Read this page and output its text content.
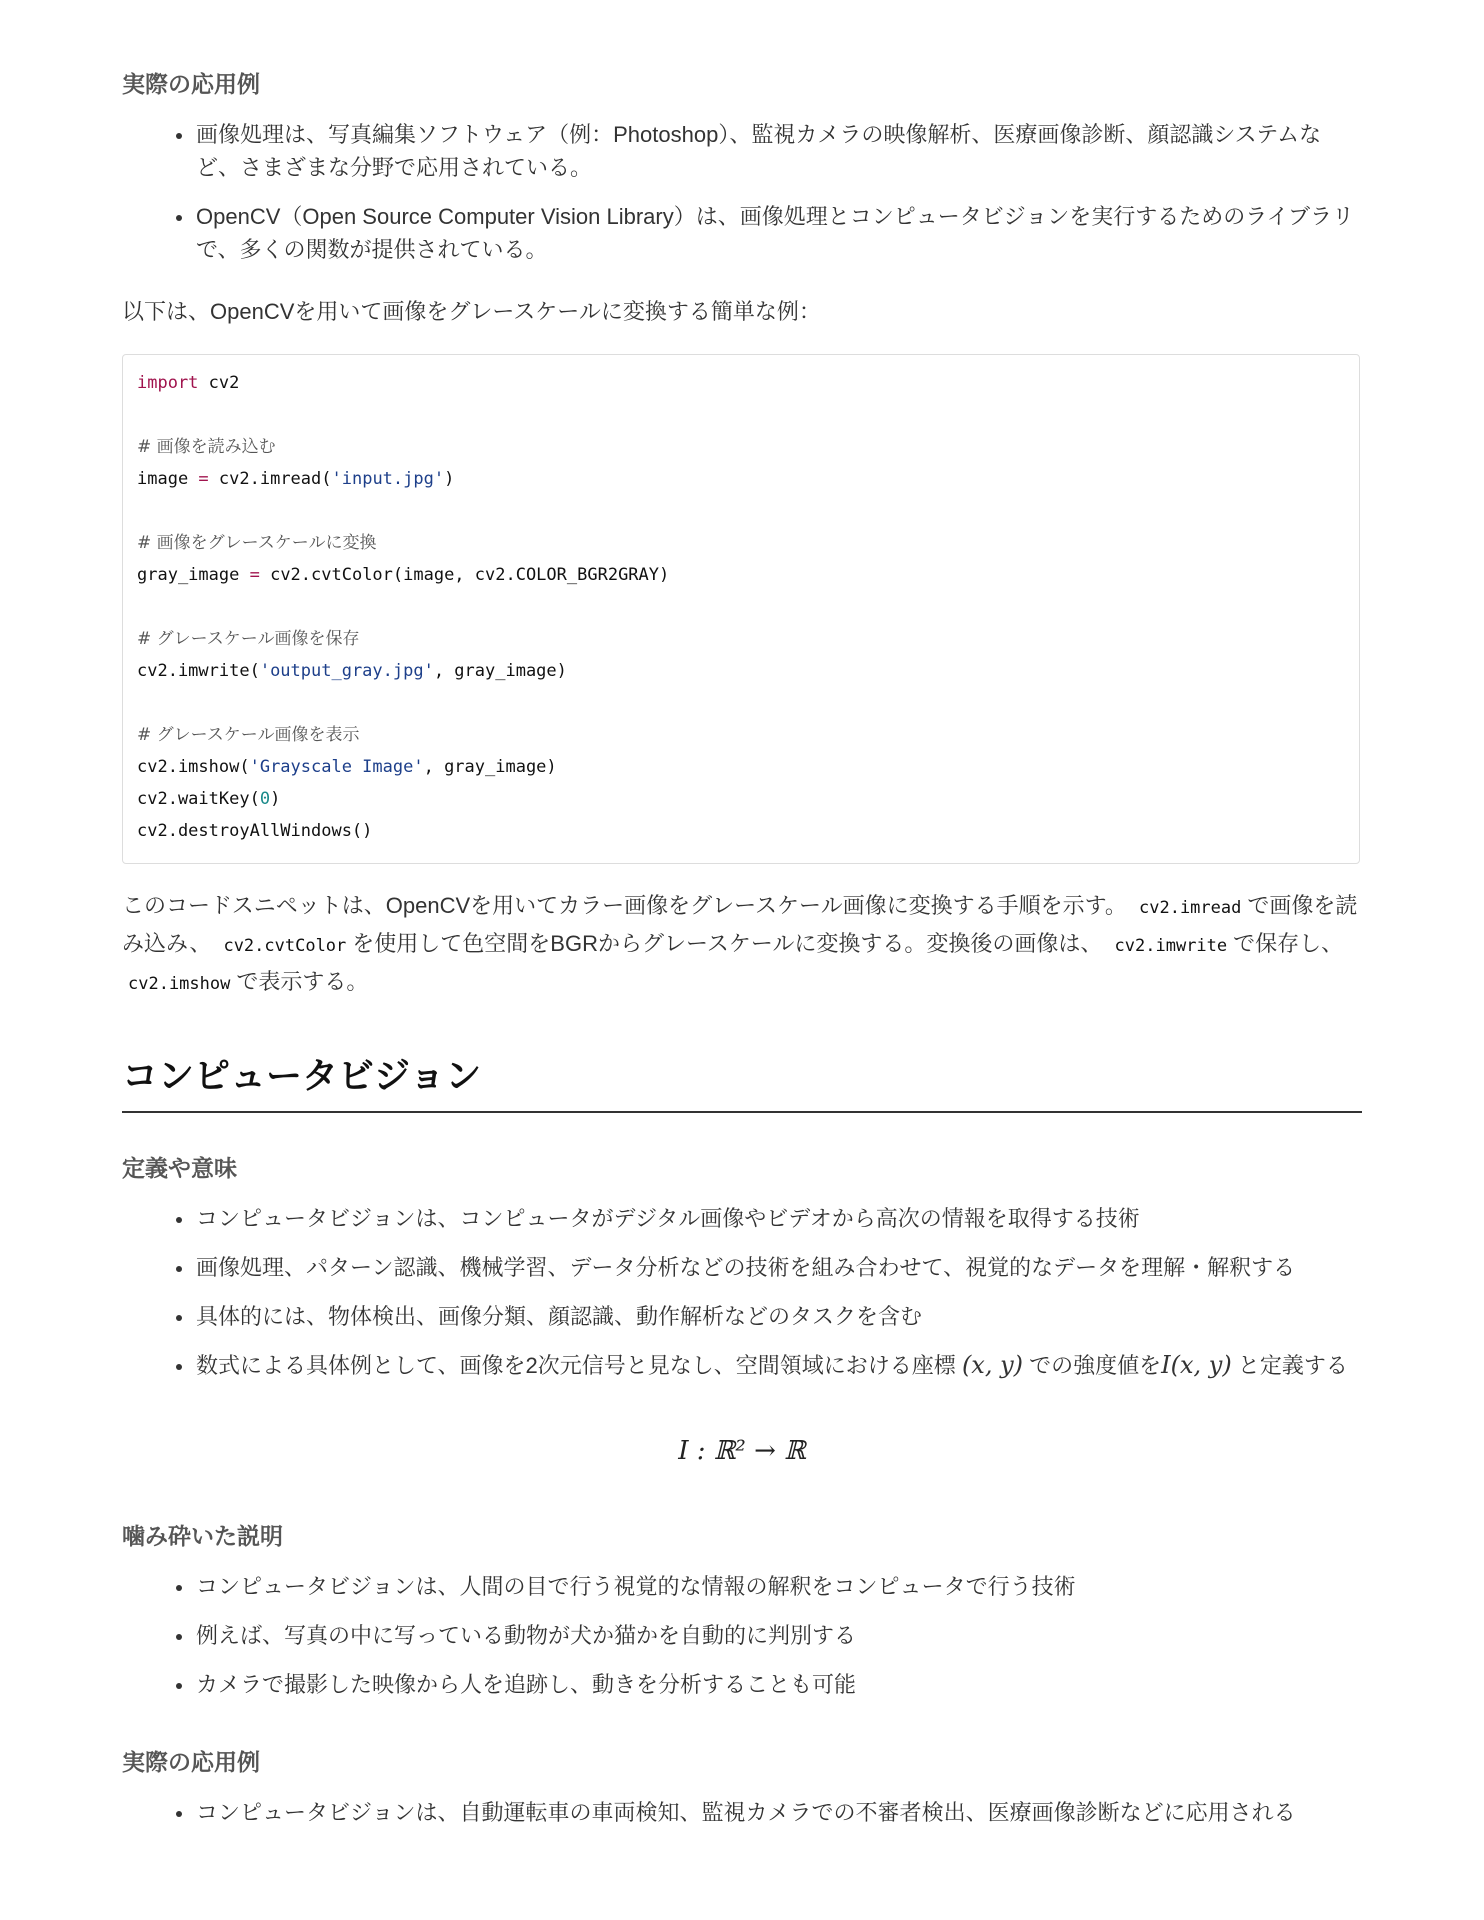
実際の応用例
画像処理は、写真編集ソフトウェア（例：Photoshop）、監視カメラの映像解析、医療画像診断、顔認識システムなど、さまざまな分野で応用されている。
OpenCV（Open Source Computer Vision Library）は、画像処理とコンピュータビジョンを実行するためのライブラリで、多くの関数が提供されている。

以下は、OpenCVを用いて画像をグレースケールに変換する簡単な例：

import cv2
# 画像を読み込む
image = cv2.imread('input.jpg')
# 画像をグレースケールに変換
gray_image = cv2.cvtColor(image, cv2.COLOR_BGR2GRAY)
# グレースケール画像を保存
cv2.imwrite('output_gray.jpg', gray_image)
# グレースケール画像を表示
cv2.imshow('Grayscale Image', gray_image)
cv2.waitKey(0)
cv2.destroyAllWindows()

このコードスニペットは、OpenCVを用いてカラー画像をグレースケール画像に変換する手順を示す。 cv2.imread で画像を読み込み、 cv2.cvtColor を使用して色空間をBGRからグレースケールに変換する。変換後の画像は、 cv2.imwrite で保存し、 cv2.imshow で表示する。

コンピュータビジョン
定義や意味
コンピュータビジョンは、コンピュータがデジタル画像やビデオから高次の情報を取得する技術
画像処理、パターン認識、機械学習、データ分析などの技術を組み合わせて、視覚的なデータを理解・解釈する
具体的には、物体検出、画像分類、顔認識、動作解析などのタスクを含む
数式による具体例として、画像を2次元信号と見なし、空間領域における座標 (x, y) での強度値をI(x, y) と定義する
I : ℝ² → ℝ
噛み砕いた説明
コンピュータビジョンは、人間の目で行う視覚的な情報の解釈をコンピュータで行う技術
例えば、写真の中に写っている動物が犬か猫かを自動的に判別する
カメラで撮影した映像から人を追跡し、動きを分析することも可能
実際の応用例
コンピュータビジョンは、自動運転車の車両検知、監視カメラでの不審者検出、医療画像診断などに応用される
